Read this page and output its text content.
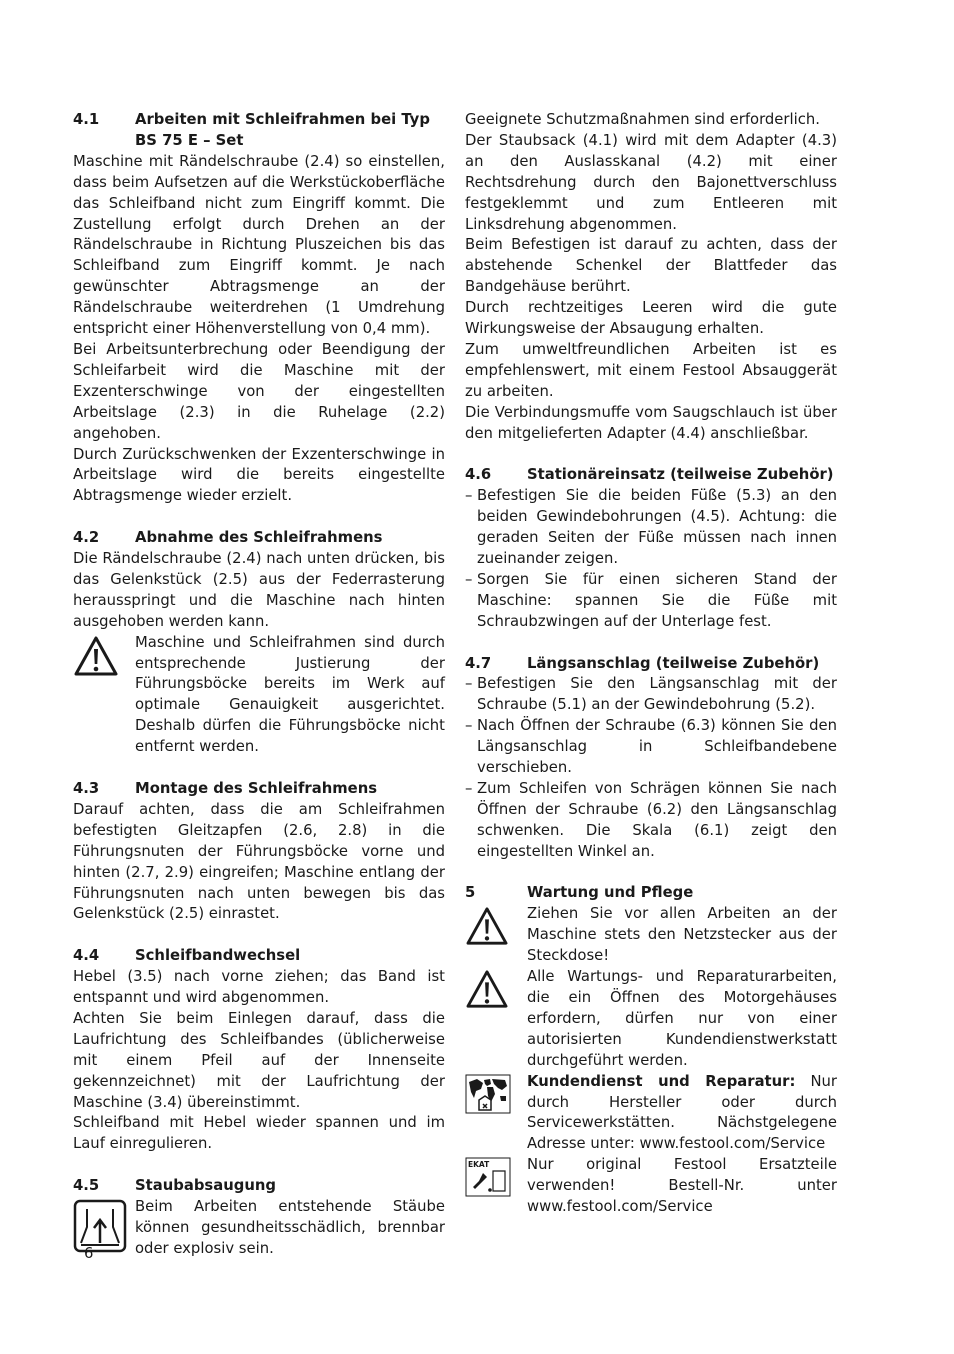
4.1	Arbeiten mit Schleifrahmen bei Typ BS 75 E – Set

Maschine mit Rändelschraube (2.4) so einstellen, dass beim Aufsetzen auf die Werkstückoberfläche das Schleifband nicht zum Eingriff kommt. Die Zustellung erfolgt durch Drehen an der Rändelschraube in Richtung Pluszeichen bis das Schleifband zum Eingriff kommt. Je nach gewünschter Abtragsmenge an der Rändelschraube weiterdrehen (1 Umdrehung entspricht einer Höhenverstellung von 0,4 mm).

Bei Arbeitsunterbrechung oder Beendigung der Schleifarbeit wird die Maschine mit der Exzenterschwinge von der eingestellten Arbeitslage (2.3) in die Ruhelage (2.2) angehoben.

Durch Zurückschwenken der Exzenterschwinge in Arbeitslage wird die bereits eingestellte Abtragsmenge wieder erzielt.

4.2	Abnahme des Schleifrahmens

Die Rändelschraube (2.4) nach unten drücken, bis das Gelenkstück (2.5) aus der Federrasterung herausspringt und die Maschine nach hinten ausgehoben werden kann.

Maschine und Schleifrahmen sind durch entsprechende Justierung der Führungsböcke bereits im Werk auf optimale Genauigkeit ausgerichtet. Deshalb dürfen die Führungsböcke nicht entfernt werden.
4.3	Montage des Schleifrahmens

Darauf achten, dass die am Schleifrahmen befestigten Gleitzapfen (2.6, 2.8) in die Führungsnuten der Führungsböcke vorne und hinten (2.7, 2.9) eingreifen; Maschine entlang der Führungsnuten nach unten bewegen bis das Gelenkstück (2.5) einrastet.

4.4	Schleifbandwechsel

Hebel (3.5) nach vorne ziehen; das Band ist entspannt und wird abgenommen.

Achten Sie beim Einlegen darauf, dass die Laufrichtung des Schleifbandes (üblicherweise mit einem Pfeil auf der Innenseite gekennzeichnet) mit der Laufrichtung der Maschine (3.4) übereinstimmt.

Schleifband mit Hebel wieder spannen und im Lauf einregulieren.

4.5	Staubabsaugung
Beim Arbeiten entstehende Stäube können gesundheitsschädlich, brennbar oder explosiv sein.

Geeignete Schutzmaßnahmen sind erforderlich.

Der Staubsack (4.1) wird mit dem Adapter (4.3) an den Auslasskanal (4.2) mit einer Rechtsdrehung durch den Bajonettverschluss festgeklemmt und zum Entleeren mit Linksdrehung abgenommen.

Beim Befestigen ist darauf zu achten, dass der abstehende Schenkel der Blattfeder das Bandgehäuse berührt.

Durch rechtzeitiges Leeren wird die gute Wirkungsweise der Absaugung erhalten.

Zum umweltfreundlichen Arbeiten ist es empfehlenswert, mit einem Festool Absauggerät zu arbeiten.

Die Verbindungsmuffe vom Saugschlauch ist über den mitgelieferten Adapter (4.4) anschließbar.

4.6	Stationäreinsatz (teilweise Zubehör)
– Befestigen Sie die beiden Füße (5.3) an den beiden Gewindebohrungen (4.5). Achtung: die geraden Seiten der Füße müssen nach innen zueinander zeigen.
– Sorgen Sie für einen sicheren Stand der Maschine: spannen Sie die Füße mit Schraubzwingen auf der Unterlage fest.
4.7	Längsanschlag (teilweise Zubehör)
– Befestigen Sie den Längsanschlag mit der Schraube (5.1) an der Gewindebohrung (5.2).
– Nach Öffnen der Schraube (6.3) können Sie den Längsanschlag in Schleifbandebene verschieben.
– Zum Schleifen von Schrägen können Sie nach Öffnen der Schraube (6.2) den Längsanschlag schwenken. Die Skala (6.1) zeigt den eingestellten Winkel an.
5	Wartung und Pflege
Ziehen Sie vor allen Arbeiten an der Maschine stets den Netzstecker aus der Steckdose!
Alle Wartungs- und Reparaturarbeiten, die ein Öffnen des Motorgehäuses erfordern, dürfen nur von einer autorisierten Kundendienstwerkstatt durchgeführt werden.
Kundendienst und Reparatur: Nur durch Hersteller oder durch Servicewerkstätten. Nächstgelegene Adresse unter: www.festool.com/Service
EKAT	Nur original Festool Ersatzteile verwenden! Bestell-Nr. unter www.festool.com/Service
6
